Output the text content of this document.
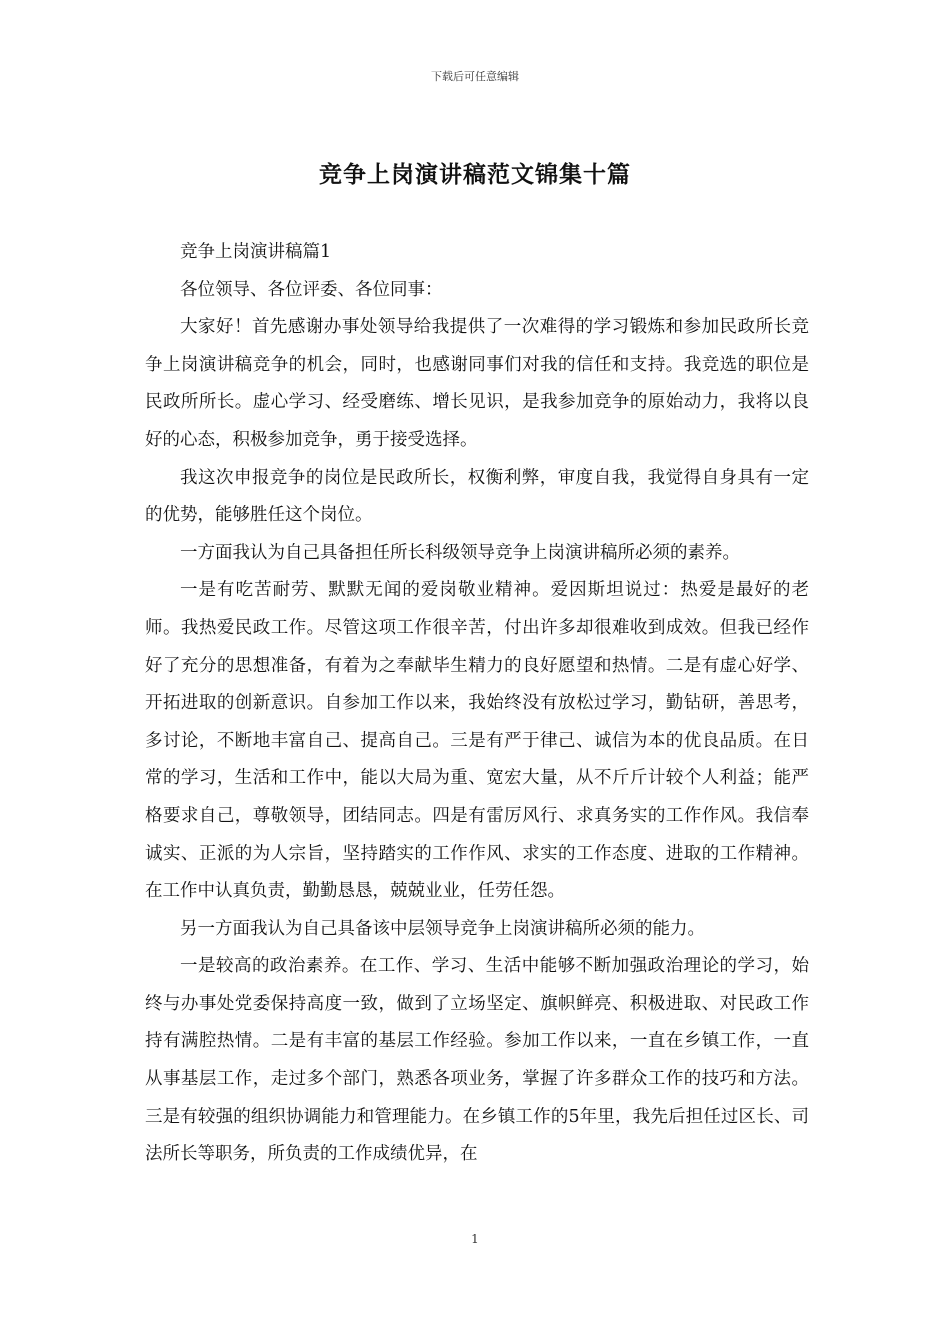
下载后可任意编辑
竞争上岗演讲稿范文锦集十篇

竞争上岗演讲稿篇1

各位领导、各位评委、各位同事：

大家好！首先感谢办事处领导给我提供了一次难得的学习锻炼和参加民政所长竞争上岗演讲稿竞争的机会，同时，也感谢同事们对我的信任和支持。我竞选的职位是民政所所长。虚心学习、经受磨练、增长见识，是我参加竞争的原始动力，我将以良好的心态，积极参加竞争，勇于接受选择。

我这次申报竞争的岗位是民政所长，权衡利弊，审度自我，我觉得自身具有一定的优势，能够胜任这个岗位。

一方面我认为自己具备担任所长科级领导竞争上岗演讲稿所必须的素养。

一是有吃苦耐劳、默默无闻的爱岗敬业精神。爱因斯坦说过：热爱是最好的老师。我热爱民政工作。尽管这项工作很辛苦，付出许多却很难收到成效。但我已经作好了充分的思想准备，有着为之奉献毕生精力的良好愿望和热情。二是有虚心好学、开拓进取的创新意识。自参加工作以来，我始终没有放松过学习，勤钻研，善思考，多讨论，不断地丰富自己、提高自己。三是有严于律己、诚信为本的优良品质。在日常的学习，生活和工作中，能以大局为重、宽宏大量，从不斤斤计较个人利益；能严格要求自己，尊敬领导，团结同志。四是有雷厉风行、求真务实的工作作风。我信奉诚实、正派的为人宗旨，坚持踏实的工作作风、求实的工作态度、进取的工作精神。在工作中认真负责，勤勤恳恳，兢兢业业，任劳任怨。

另一方面我认为自己具备该中层领导竞争上岗演讲稿所必须的能力。

一是较高的政治素养。在工作、学习、生活中能够不断加强政治理论的学习，始终与办事处党委保持高度一致，做到了立场坚定、旗帜鲜亮、积极进取、对民政工作持有满腔热情。二是有丰富的基层工作经验。参加工作以来，一直在乡镇工作，一直从事基层工作，走过多个部门，熟悉各项业务，掌握了许多群众工作的技巧和方法。三是有较强的组织协调能力和管理能力。在乡镇工作的5年里，我先后担任过区长、司法所长等职务，所负责的工作成绩优异，在

1
